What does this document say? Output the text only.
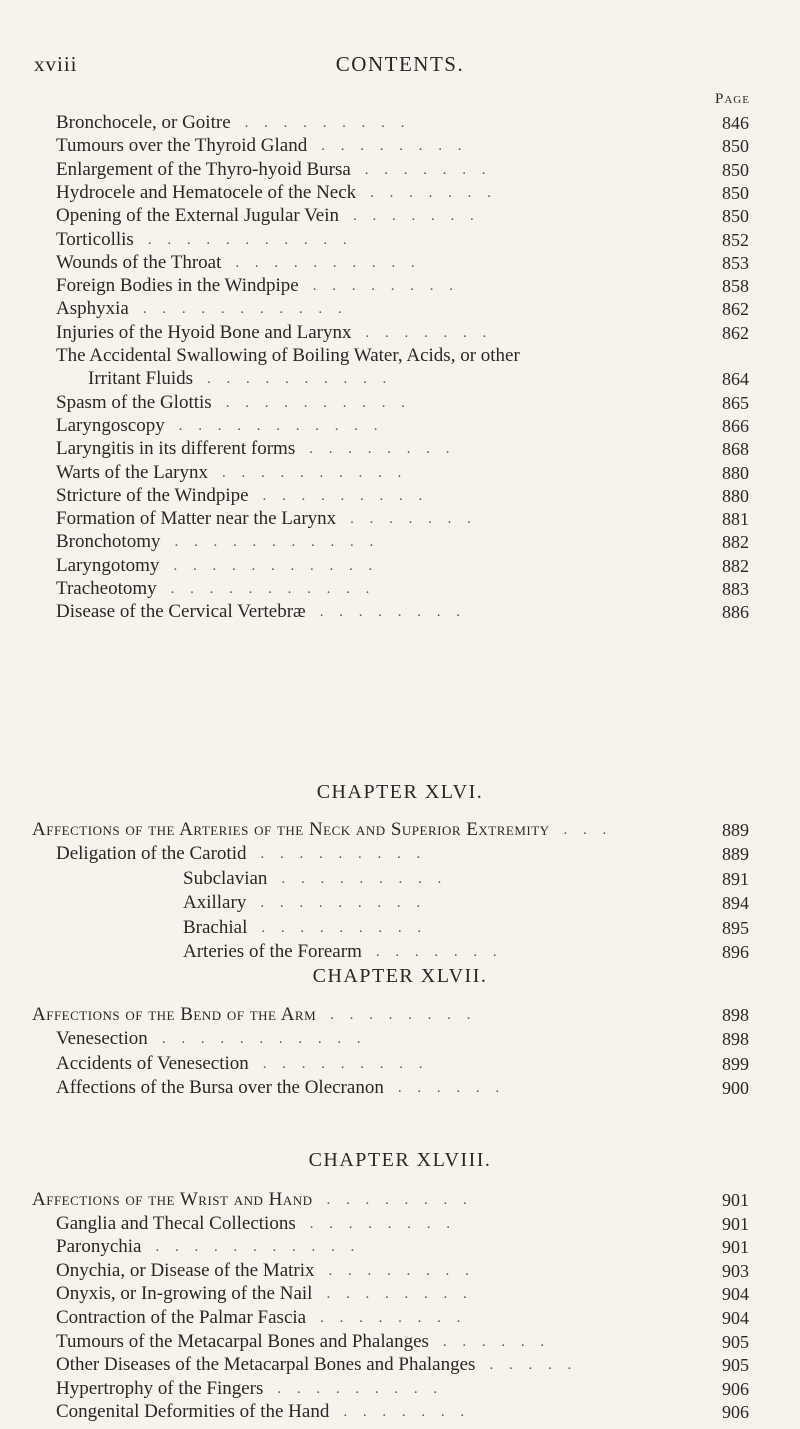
xviii	CONTENTS.
Page
Bronchocele, or Goitre . . . . . . . . .	846
Tumours over the Thyroid Gland . . . . . . . .	850
Enlargement of the Thyro-hyoid Bursa . . . . . . .	850
Hydrocele and Hematocele of the Neck . . . . . . .	850
Opening of the External Jugular Vein . . . . . . .	850
Torticollis . . . . . . . . . . .	852
Wounds of the Throat . . . . . . . . . .	853
Foreign Bodies in the Windpipe . . . . . . . .	858
Asphyxia . . . . . . . . . . .	862
Injuries of the Hyoid Bone and Larynx . . . . . . .	862
The Accidental Swallowing of Boiling Water, Acids, or other
Irritant Fluids . . . . . . . . . .	864
Spasm of the Glottis . . . . . . . . . .	865
Laryngoscopy . . . . . . . . . . .	866
Laryngitis in its different forms . . . . . . . .	868
Warts of the Larynx . . . . . . . . . .	880
Stricture of the Windpipe . . . . . . . . .	880
Formation of Matter near the Larynx . . . . . . .	881
Bronchotomy . . . . . . . . . . .	882
Laryngotomy . . . . . . . . . . .	882
Tracheotomy . . . . . . . . . . .	883
Disease of the Cervical Vertebræ . . . . . . . .	886
CHAPTER XLVI.
Affections of the Arteries of the Neck and Superior Extremity . . .	889
Deligation of the Carotid . . . . . . . . .	889
Subclavian . . . . . . . . .	891
Axillary . . . . . . . . .	894
Brachial . . . . . . . . .	895
Arteries of the Forearm . . . . . . .	896
CHAPTER XLVII.
Affections of the Bend of the Arm . . . . . . . .	898
Venesection . . . . . . . . . . .	898
Accidents of Venesection . . . . . . . . .	899
Affections of the Bursa over the Olecranon . . . . . .	900
CHAPTER XLVIII.
Affections of the Wrist and Hand . . . . . . . .	901
Ganglia and Thecal Collections . . . . . . . .	901
Paronychia . . . . . . . . . . .	901
Onychia, or Disease of the Matrix . . . . . . . .	903
Onyxis, or In-growing of the Nail . . . . . . . .	904
Contraction of the Palmar Fascia . . . . . . . .	904
Tumours of the Metacarpal Bones and Phalanges . . . . . .	905
Other Diseases of the Metacarpal Bones and Phalanges . . . . .	905
Hypertrophy of the Fingers . . . . . . . . .	906
Congenital Deformities of the Hand . . . . . . .	906
